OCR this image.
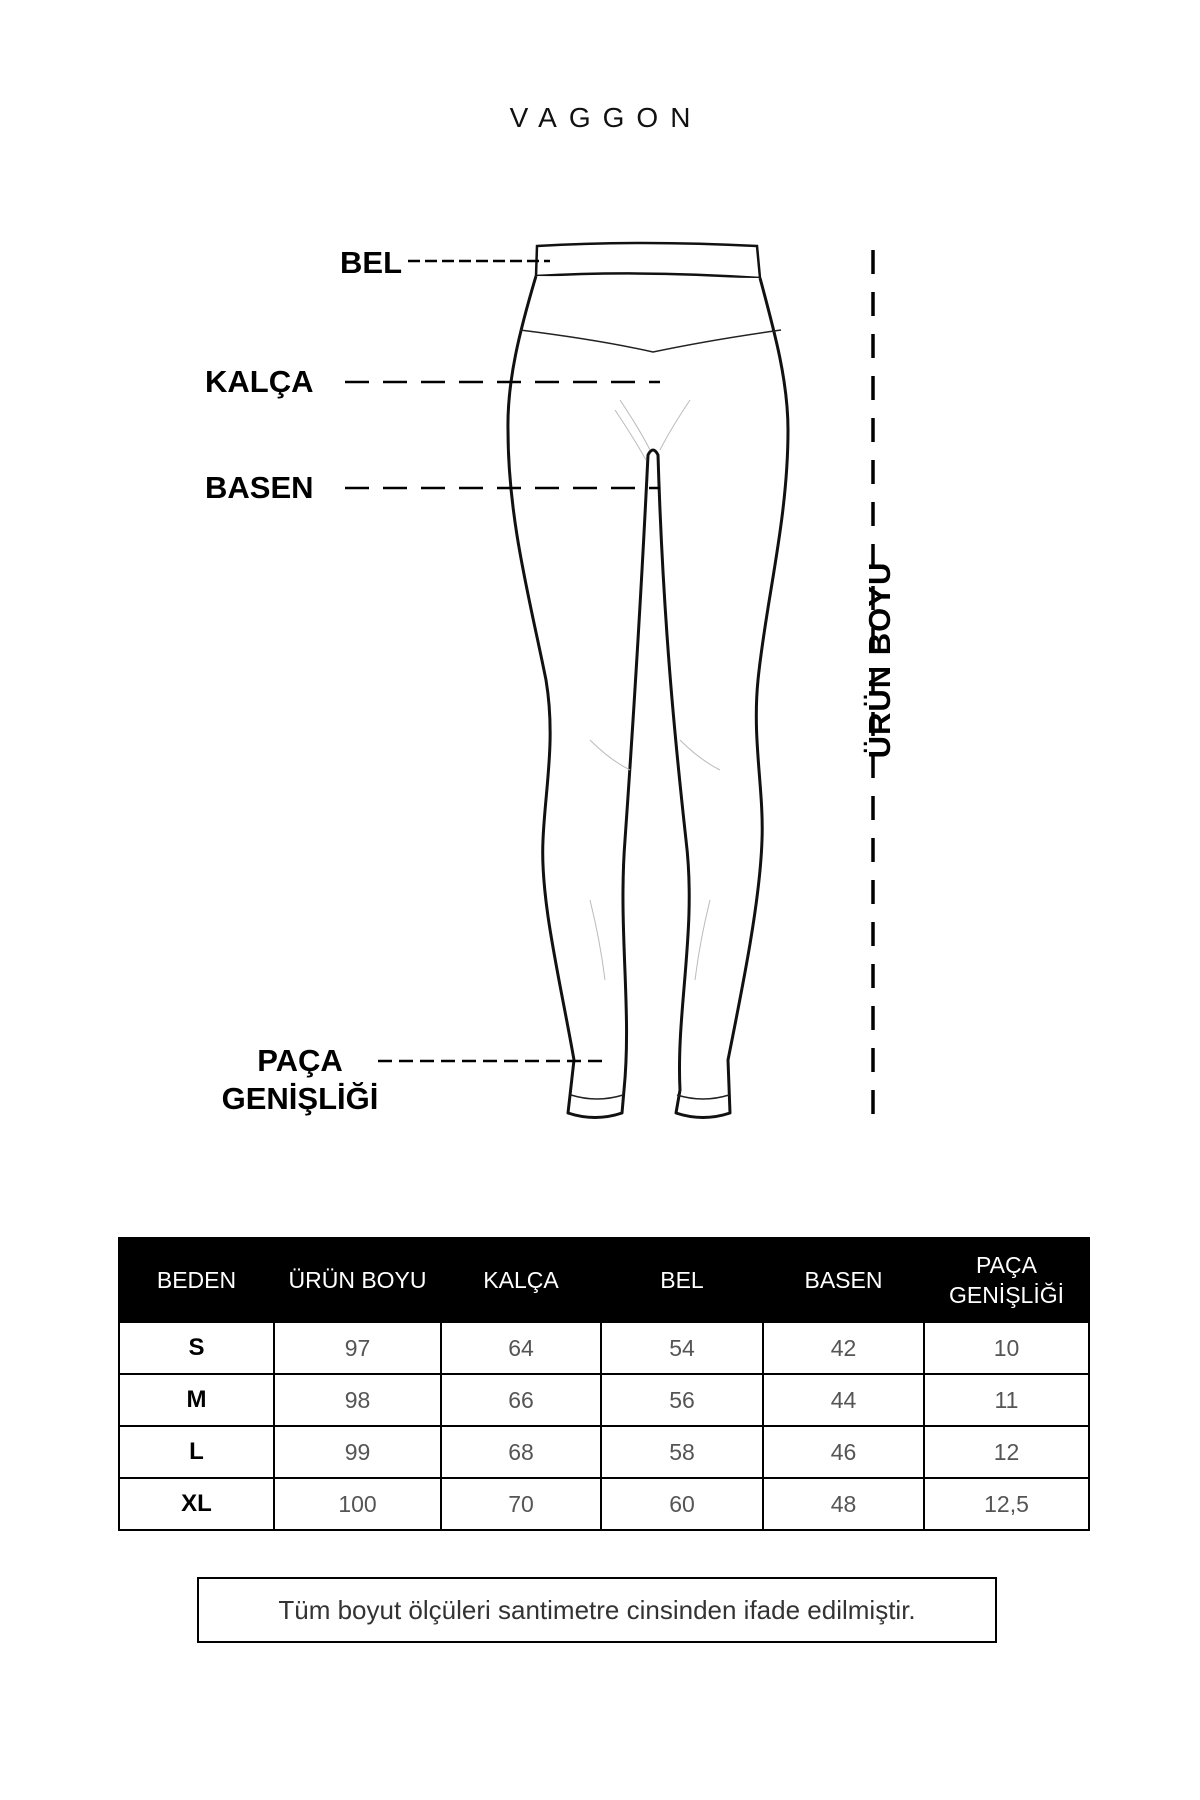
VAGGON
BEL
KALÇA
BASEN
PAÇA
GENİŞLİĞİ
ÜRÜN BOYU
BEDEN	ÜRÜN BOYU	KALÇA	BEL	BASEN	PAÇA GENİŞLİĞİ
S	97	64	54	42	10
M	98	66	56	44	11
L	99	68	58	46	12
XL	100	70	60	48	12,5
Tüm boyut ölçüleri santimetre cinsinden ifade edilmiştir.
